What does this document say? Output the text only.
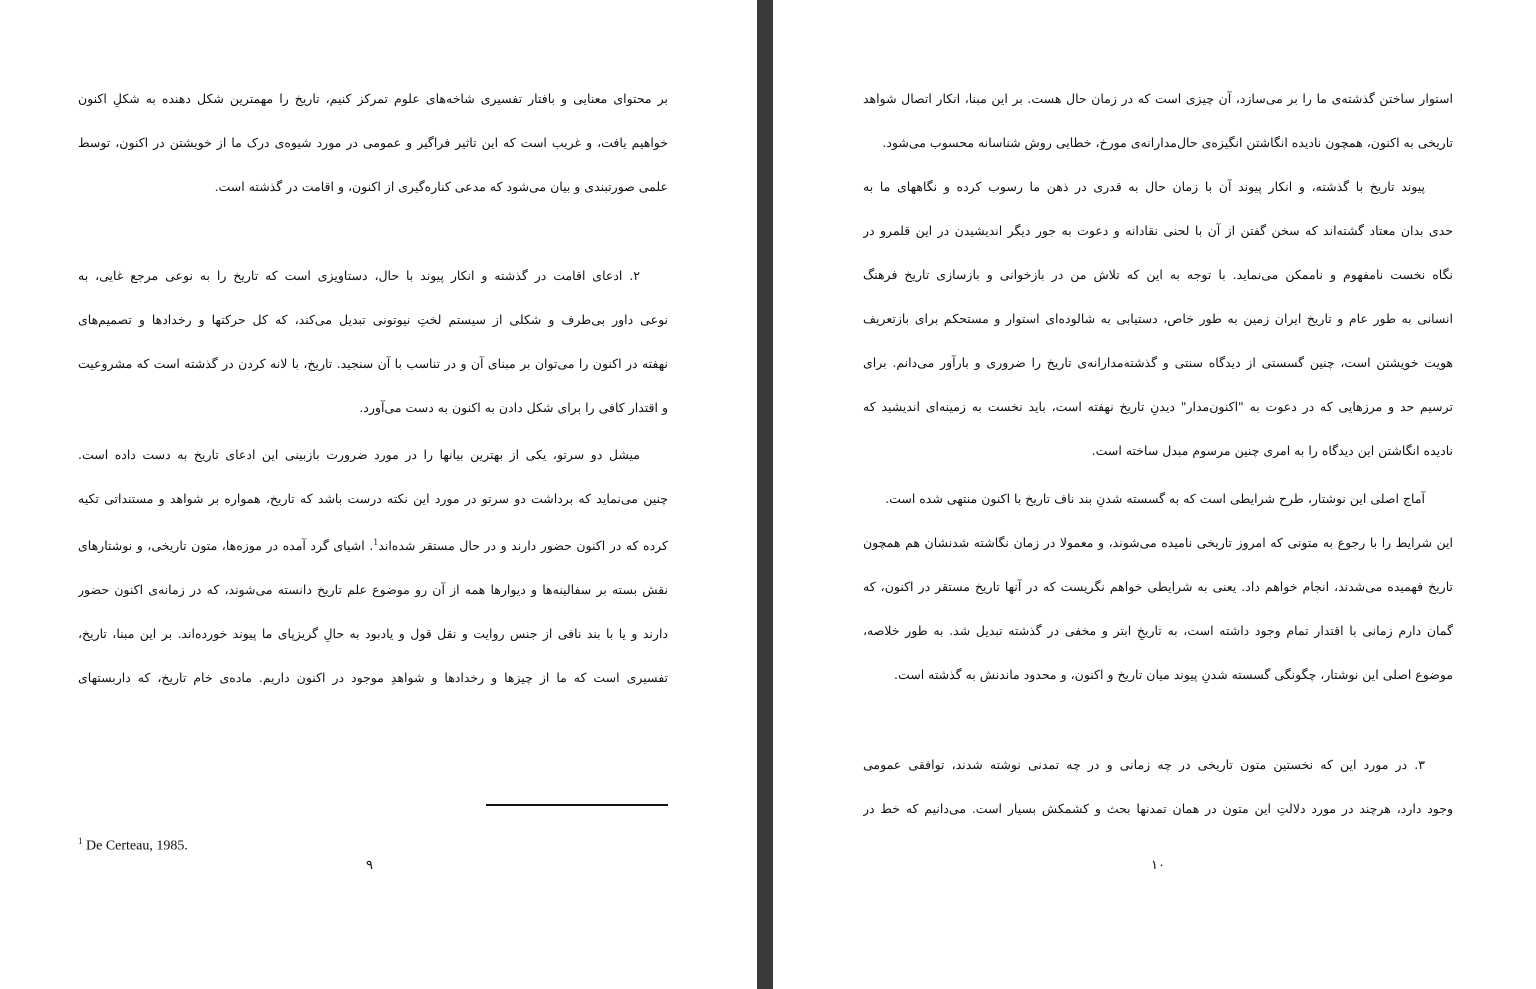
بر محتوای معنایی و بافتار تفسیری شاخه‌های علوم تمرکز کنیم، تاریخ را مهمترین شکل دهنده به شکلِ اکنون
خواهیم یافت، و غریب است که این تاثیر فراگیر و عمومی در مورد شیوه‌ی درک ما از خویشتن در اکنون، توسط
علمی صورتبندی و بیان می‌شود که مدعی کناره‌گیری از اکنون، و اقامت در گذشته است.
۲. ادعای اقامت در گذشته و انکار پیوند با حال، دستاویزی است که تاریخ را به نوعی مرجع غایی، به
نوعی داور بی‌طرف و شکلی از سیستم لختِ نیوتونی تبدیل می‌کند، که کل حرکتها و رخدادها و تصمیم‌های
نهفته در اکنون را می‌توان بر مبنای آن و در تناسب با آن سنجید. تاریخ، با لانه کردن در گذشته است که مشروعیت
و اقتدار کافی را برای شکل دادن به اکنون به دست می‌آورد.
میشل دو سرتو، یکی از بهترین بیانها را در مورد ضرورت بازبینی این ادعای تاریخ به دست داده است.
چنین می‌نماید که برداشت دو سرتو در مورد این نکته درست باشد که تاریخ، همواره بر شواهد و مستنداتی تکیه
کرده که در اکنون حضور دارند و در حال مستقر شده‌اند$^1$. اشیای گرد آمده در موزه‌ها، متون تاریخی، و نوشتارهای
نقش بسته بر سفالینه‌ها و دیوارها همه از آن رو موضوع علم تاریخ دانسته می‌شوند، که در زمانه‌ی اکنون حضور
دارند و یا با بند نافی از جنس روایت و نقل قول و یادبود به حالِ گریزپای ما پیوند خورده‌اند. بر این مبنا، تاریخ،
تفسیری است که ما از چیزها و رخدادها و شواهدِ موجود در اکنون داریم. ماده‌ی خام تاریخ، که داربستهای
$^1$ De Certeau, 1985.
۹
استوار ساختن گذشته‌ی ما را بر می‌سازد، آن چیزی است که در زمان حال هست. بر این مبنا، انکار اتصال شواهد
تاریخی به اکنون، همچون نادیده انگاشتن انگیزه‌ی حال‌مدارانه‌ی مورخ، خطایی روش شناسانه محسوب می‌شود.
پیوند تاریخ با گذشته، و انکار پیوند آن با زمان حال به قدری در ذهن ما رسوب کرده و نگاههای ما به
حدی بدان معتاد گشته‌اند که سخن گفتن از آن با لحنی نقادانه و دعوت به جور دیگر اندیشیدن در این قلمرو در
نگاه نخست نامفهوم و ناممکن می‌نماید. با توجه به این که تلاش من در بازخوانی و بازسازی تاریخ فرهنگ
انسانی به طور عام و تاریخ ایران زمین به طور خاص، دستیابی به شالوده‌ای استوار و مستحکم برای بازتعریف
هویت خویشتن است، چنین گسستی از دیدگاه سنتی و گذشته‌مدارانه‌ی تاریخ را ضروری و بارآور می‌دانم. برای
ترسیم حد و مرزهایی که در دعوت به "اکنون‌مدار" دیدنِ تاریخ نهفته است، باید نخست به زمینه‌ای اندیشید که
نادیده انگاشتن این دیدگاه را به امری چنین مرسوم مبدل ساخته است.
آماج اصلی این نوشتار، طرح شرایطی است که به گسسته شدنِ بند ناف تاریخ با اکنون منتهی شده است.
این شرایط را با رجوع به متونی که امروز تاریخی نامیده می‌شوند، و معمولا در زمان نگاشته شدنشان هم همچون
تاریخ فهمیده می‌شدند، انجام خواهم داد. یعنی به شرایطی خواهم نگریست که در آنها تاریخ مستقر در اکنون، که
گمان دارم زمانی با اقتدار تمام وجود داشته است، به تاریخِ ابتر و مخفی در گذشته تبدیل شد. به طور خلاصه،
موضوع اصلی این نوشتار، چگونگی گسسته شدنِ پیوند میان تاریخ و اکنون، و محدود ماندنش به گذشته است.
۳. در مورد این که نخستین متون تاریخی در چه زمانی و در چه تمدنی نوشته شدند، توافقی عمومی
وجود دارد، هرچند در مورد دلالتِ این متون در همان تمدنها بحث و کشمکش بسیار است. می‌دانیم که خط در
۱۰
